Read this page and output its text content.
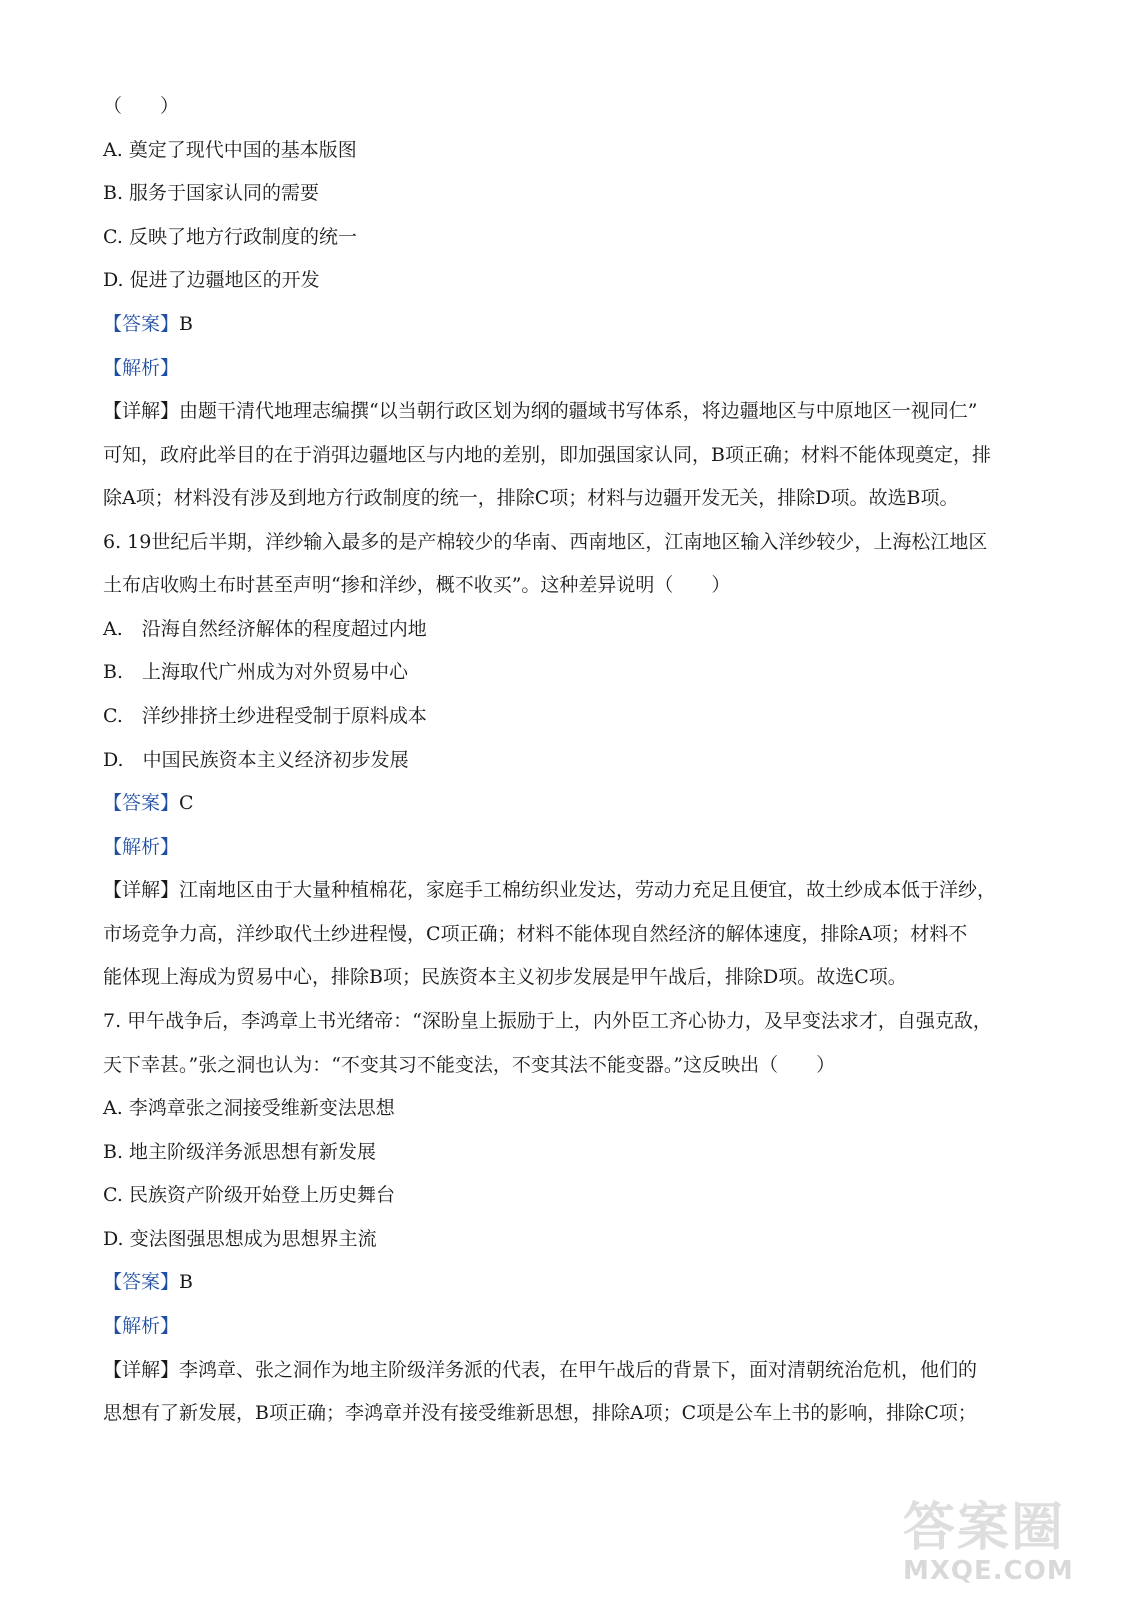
（　　）
A. 奠定了现代中国的基本版图
B. 服务于国家认同的需要
C. 反映了地方行政制度的统一
D. 促进了边疆地区的开发
【答案】B
【解析】
【详解】由题干清代地理志编撰“以当朝行政区划为纲的疆域书写体系，将边疆地区与中原地区一视同仁”
可知，政府此举目的在于消弭边疆地区与内地的差别，即加强国家认同，B项正确；材料不能体现奠定，排
除A项；材料没有涉及到地方行政制度的统一，排除C项；材料与边疆开发无关，排除D项。故选B项。
6. 19世纪后半期，洋纱输入最多的是产棉较少的华南、西南地区，江南地区输入洋纱较少，上海松江地区
土布店收购土布时甚至声明“掺和洋纱，概不收买”。这种差异说明（　　）
A.　沿海自然经济解体的程度超过内地
B.　上海取代广州成为对外贸易中心
C.　洋纱排挤土纱进程受制于原料成本
D.　中国民族资本主义经济初步发展
【答案】C
【解析】
【详解】江南地区由于大量种植棉花，家庭手工棉纺织业发达，劳动力充足且便宜，故土纱成本低于洋纱，
市场竞争力高，洋纱取代土纱进程慢，C项正确；材料不能体现自然经济的解体速度，排除A项；材料不
能体现上海成为贸易中心，排除B项；民族资本主义初步发展是甲午战后，排除D项。故选C项。
7. 甲午战争后，李鸿章上书光绪帝：“深盼皇上振励于上，内外臣工齐心协力，及早变法求才，自强克敌，
天下幸甚。”张之洞也认为：“不变其习不能变法，不变其法不能变器。”这反映出（　　）
A. 李鸿章张之洞接受维新变法思想
B. 地主阶级洋务派思想有新发展
C. 民族资产阶级开始登上历史舞台
D. 变法图强思想成为思想界主流
【答案】B
【解析】
【详解】李鸿章、张之洞作为地主阶级洋务派的代表，在甲午战后的背景下，面对清朝统治危机，他们的
思想有了新发展，B项正确；李鸿章并没有接受维新思想，排除A项；C项是公车上书的影响，排除C项；
答案圈
MXQE.COM
